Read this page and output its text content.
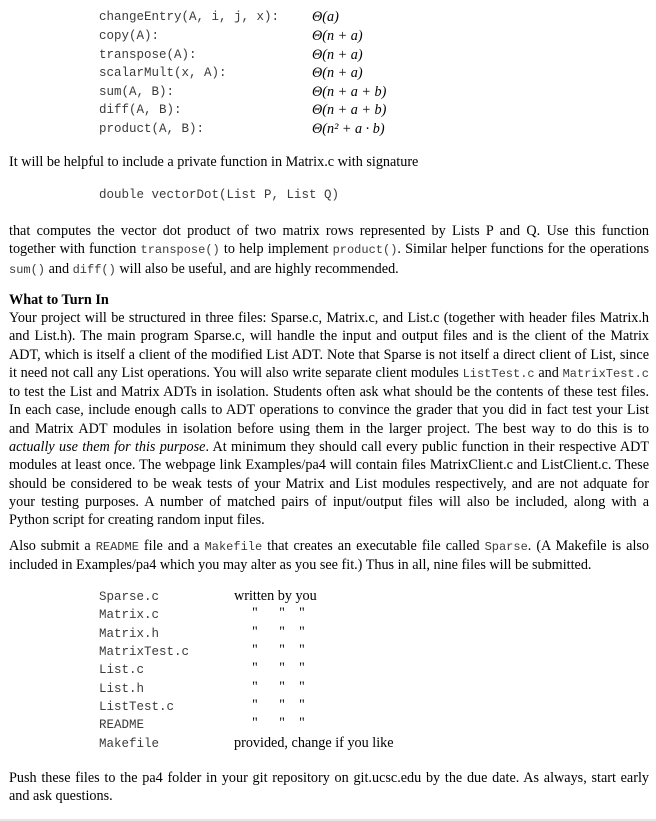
changeEntry(A, i, j, x): Θ(a)
copy(A):	Θ(n + a)
transpose(A):	Θ(n + a)
scalarMult(x, A):	Θ(n + a)
sum(A, B):	Θ(n + a + b)
diff(A, B):	Θ(n + a + b)
product(A, B):	Θ(n² + a · b)
It will be helpful to include a private function in Matrix.c with signature
double vectorDot(List P, List Q)
that computes the vector dot product of two matrix rows represented by Lists P and Q. Use this function together with function transpose() to help implement product(). Similar helper functions for the operations sum() and diff() will also be useful, and are highly recommended.
What to Turn In
Your project will be structured in three files: Sparse.c, Matrix.c, and List.c (together with header files Matrix.h and List.h). The main program Sparse.c, will handle the input and output files and is the client of the Matrix ADT, which is itself a client of the modified List ADT. Note that Sparse is not itself a direct client of List, since it need not call any List operations. You will also write separate client modules ListTest.c and MatrixTest.c to test the List and Matrix ADTs in isolation. Students often ask what should be the contents of these test files. In each case, include enough calls to ADT operations to convince the grader that you did in fact test your List and Matrix ADT modules in isolation before using them in the larger project. The best way to do this is to actually use them for this purpose. At minimum they should call every public function in their respective ADT modules at least once. The webpage link Examples/pa4 will contain files MatrixClient.c and ListClient.c. These should be considered to be weak tests of your Matrix and List modules respectively, and are not adquate for your testing purposes. A number of matched pairs of input/output files will also be included, along with a Python script for creating random input files.
Also submit a README file and a Makefile that creates an executable file called Sparse. (A Makefile is also included in Examples/pa4 which you may alter as you see fit.) Thus in all, nine files will be submitted.
Sparse.c	written by you
Matrix.c	"      "    "
Matrix.h	"      "    "
MatrixTest.c	"      "    "
List.c	"      "    "
List.h	"      "    "
ListTest.c	"      "    "
README	"      "    "
Makefile	provided, change if you like
Push these files to the pa4 folder in your git repository on git.ucsc.edu by the due date. As always, start early and ask questions.
